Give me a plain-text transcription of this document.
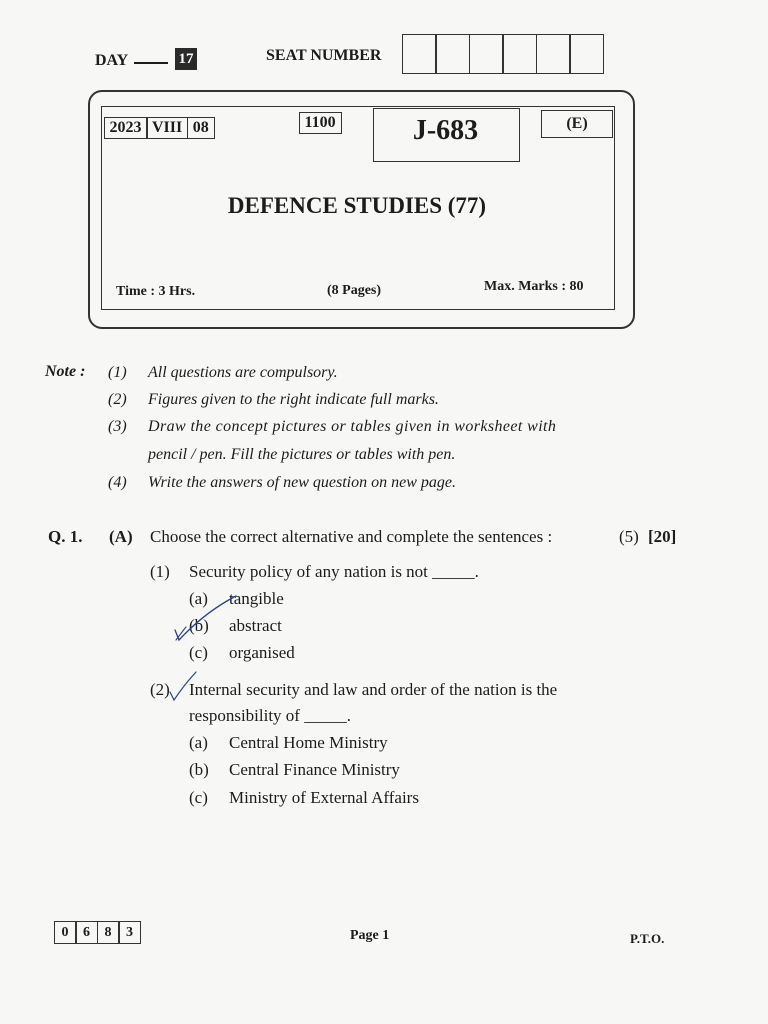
DAY	17	SEAT NUMBER
2023 VIII 08	1100	J-683	(E)
DEFENCE STUDIES (77)
Time : 3 Hrs.	(8 Pages)	Max. Marks : 80
Note : (1)	All questions are compulsory.
(2)	Figures given to the right indicate full marks.
(3)	Draw the concept pictures or tables given in worksheet with
pencil / pen. Fill the pictures or tables with pen.
(4)	Write the answers of new question on new page.
Q. 1. (A) Choose the correct alternative and complete the sentences :	(5) [20]
(1) Security policy of any nation is not _____.
(a) tangible
(b) abstract
(c) organised
(2) Internal security and law and order of the nation is the
responsibility of _____.
(a) Central Home Ministry
(b) Central Finance Ministry
(c) Ministry of External Affairs
0	6	8	3	Page 1	P.T.O.
